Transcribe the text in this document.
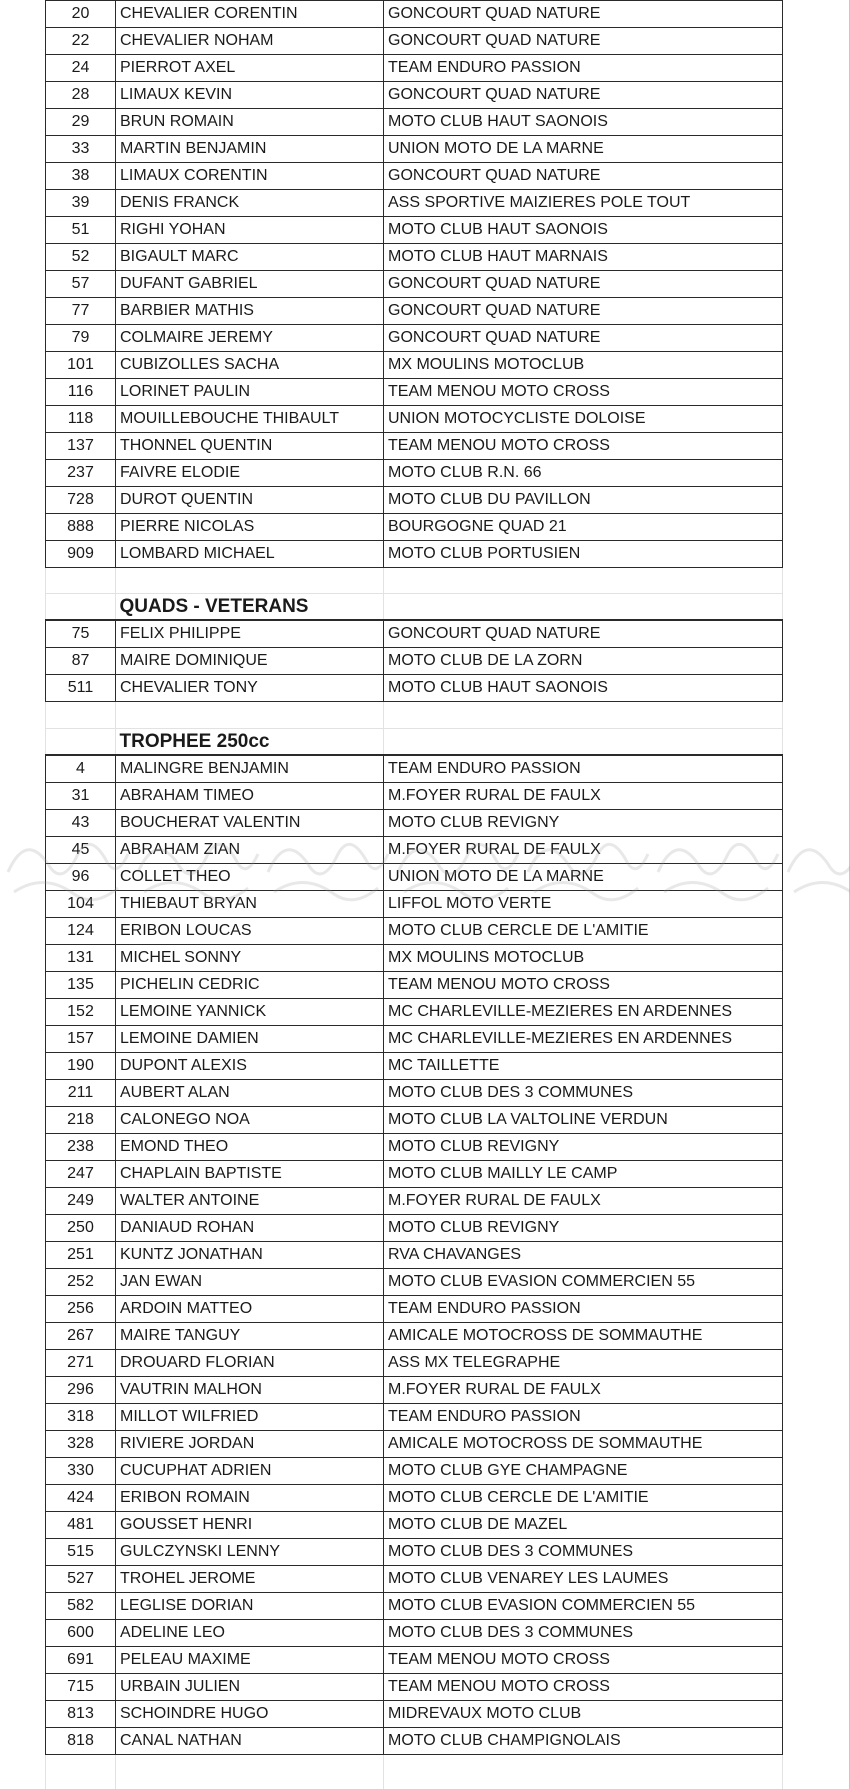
20	CHEVALIER CORENTIN	GONCOURT QUAD NATURE
22	CHEVALIER NOHAM	GONCOURT QUAD NATURE
24	PIERROT AXEL	TEAM ENDURO PASSION
28	LIMAUX KEVIN	GONCOURT QUAD NATURE
29	BRUN ROMAIN	MOTO CLUB HAUT SAONOIS
33	MARTIN BENJAMIN	UNION MOTO DE LA MARNE
38	LIMAUX CORENTIN	GONCOURT QUAD NATURE
39	DENIS FRANCK	ASS SPORTIVE MAIZIERES POLE TOUT
51	RIGHI YOHAN	MOTO CLUB HAUT SAONOIS
52	BIGAULT MARC	MOTO CLUB HAUT MARNAIS
57	DUFANT GABRIEL	GONCOURT QUAD NATURE
77	BARBIER MATHIS	GONCOURT QUAD NATURE
79	COLMAIRE JEREMY	GONCOURT QUAD NATURE
101	CUBIZOLLES SACHA	MX MOULINS MOTOCLUB
116	LORINET PAULIN	TEAM MENOU MOTO CROSS
118	MOUILLEBOUCHE THIBAULT	UNION MOTOCYCLISTE DOLOISE
137	THONNEL QUENTIN	TEAM MENOU MOTO CROSS
237	FAIVRE ELODIE	MOTO CLUB R.N. 66
728	DUROT QUENTIN	MOTO CLUB DU PAVILLON
888	PIERRE NICOLAS	BOURGOGNE QUAD 21
909	LOMBARD MICHAEL	MOTO CLUB PORTUSIEN

	QUADS - VETERANS	
75	FELIX PHILIPPE	GONCOURT QUAD NATURE
87	MAIRE DOMINIQUE	MOTO CLUB DE LA ZORN
511	CHEVALIER TONY	MOTO CLUB HAUT SAONOIS

	TROPHEE 250cc	
4	MALINGRE BENJAMIN	TEAM ENDURO PASSION
31	ABRAHAM TIMEO	M.FOYER RURAL DE FAULX
43	BOUCHERAT VALENTIN	MOTO CLUB REVIGNY
45	ABRAHAM ZIAN	M.FOYER RURAL DE FAULX
96	COLLET THEO	UNION MOTO DE LA MARNE
104	THIEBAUT BRYAN	LIFFOL MOTO VERTE
124	ERIBON LOUCAS	MOTO CLUB CERCLE DE L'AMITIE
131	MICHEL SONNY	MX MOULINS MOTOCLUB
135	PICHELIN CEDRIC	TEAM MENOU MOTO CROSS
152	LEMOINE YANNICK	MC CHARLEVILLE-MEZIERES EN ARDENNES
157	LEMOINE DAMIEN	MC CHARLEVILLE-MEZIERES EN ARDENNES
190	DUPONT ALEXIS	MC TAILLETTE
211	AUBERT ALAN	MOTO CLUB DES 3 COMMUNES
218	CALONEGO NOA	MOTO CLUB LA VALTOLINE VERDUN
238	EMOND THEO	MOTO CLUB REVIGNY
247	CHAPLAIN BAPTISTE	MOTO CLUB MAILLY LE CAMP
249	WALTER ANTOINE	M.FOYER RURAL DE FAULX
250	DANIAUD ROHAN	MOTO CLUB REVIGNY
251	KUNTZ JONATHAN	RVA CHAVANGES
252	JAN EWAN	MOTO CLUB EVASION COMMERCIEN 55
256	ARDOIN MATTEO	TEAM ENDURO PASSION
267	MAIRE TANGUY	AMICALE MOTOCROSS DE SOMMAUTHE
271	DROUARD FLORIAN	ASS MX TELEGRAPHE
296	VAUTRIN MALHON	M.FOYER RURAL DE FAULX
318	MILLOT WILFRIED	TEAM ENDURO PASSION
328	RIVIERE JORDAN	AMICALE MOTOCROSS DE SOMMAUTHE
330	CUCUPHAT ADRIEN	MOTO CLUB GYE CHAMPAGNE
424	ERIBON ROMAIN	MOTO CLUB CERCLE DE L'AMITIE
481	GOUSSET HENRI	MOTO CLUB DE MAZEL
515	GULCZYNSKI LENNY	MOTO CLUB DES 3 COMMUNES
527	TROHEL JEROME	MOTO CLUB VENAREY LES LAUMES
582	LEGLISE DORIAN	MOTO CLUB EVASION COMMERCIEN 55
600	ADELINE LEO	MOTO CLUB DES 3 COMMUNES
691	PELEAU MAXIME	TEAM MENOU MOTO CROSS
715	URBAIN JULIEN	TEAM MENOU MOTO CROSS
813	SCHOINDRE HUGO	MIDREVAUX MOTO CLUB
818	CANAL NATHAN	MOTO CLUB CHAMPIGNOLAIS
